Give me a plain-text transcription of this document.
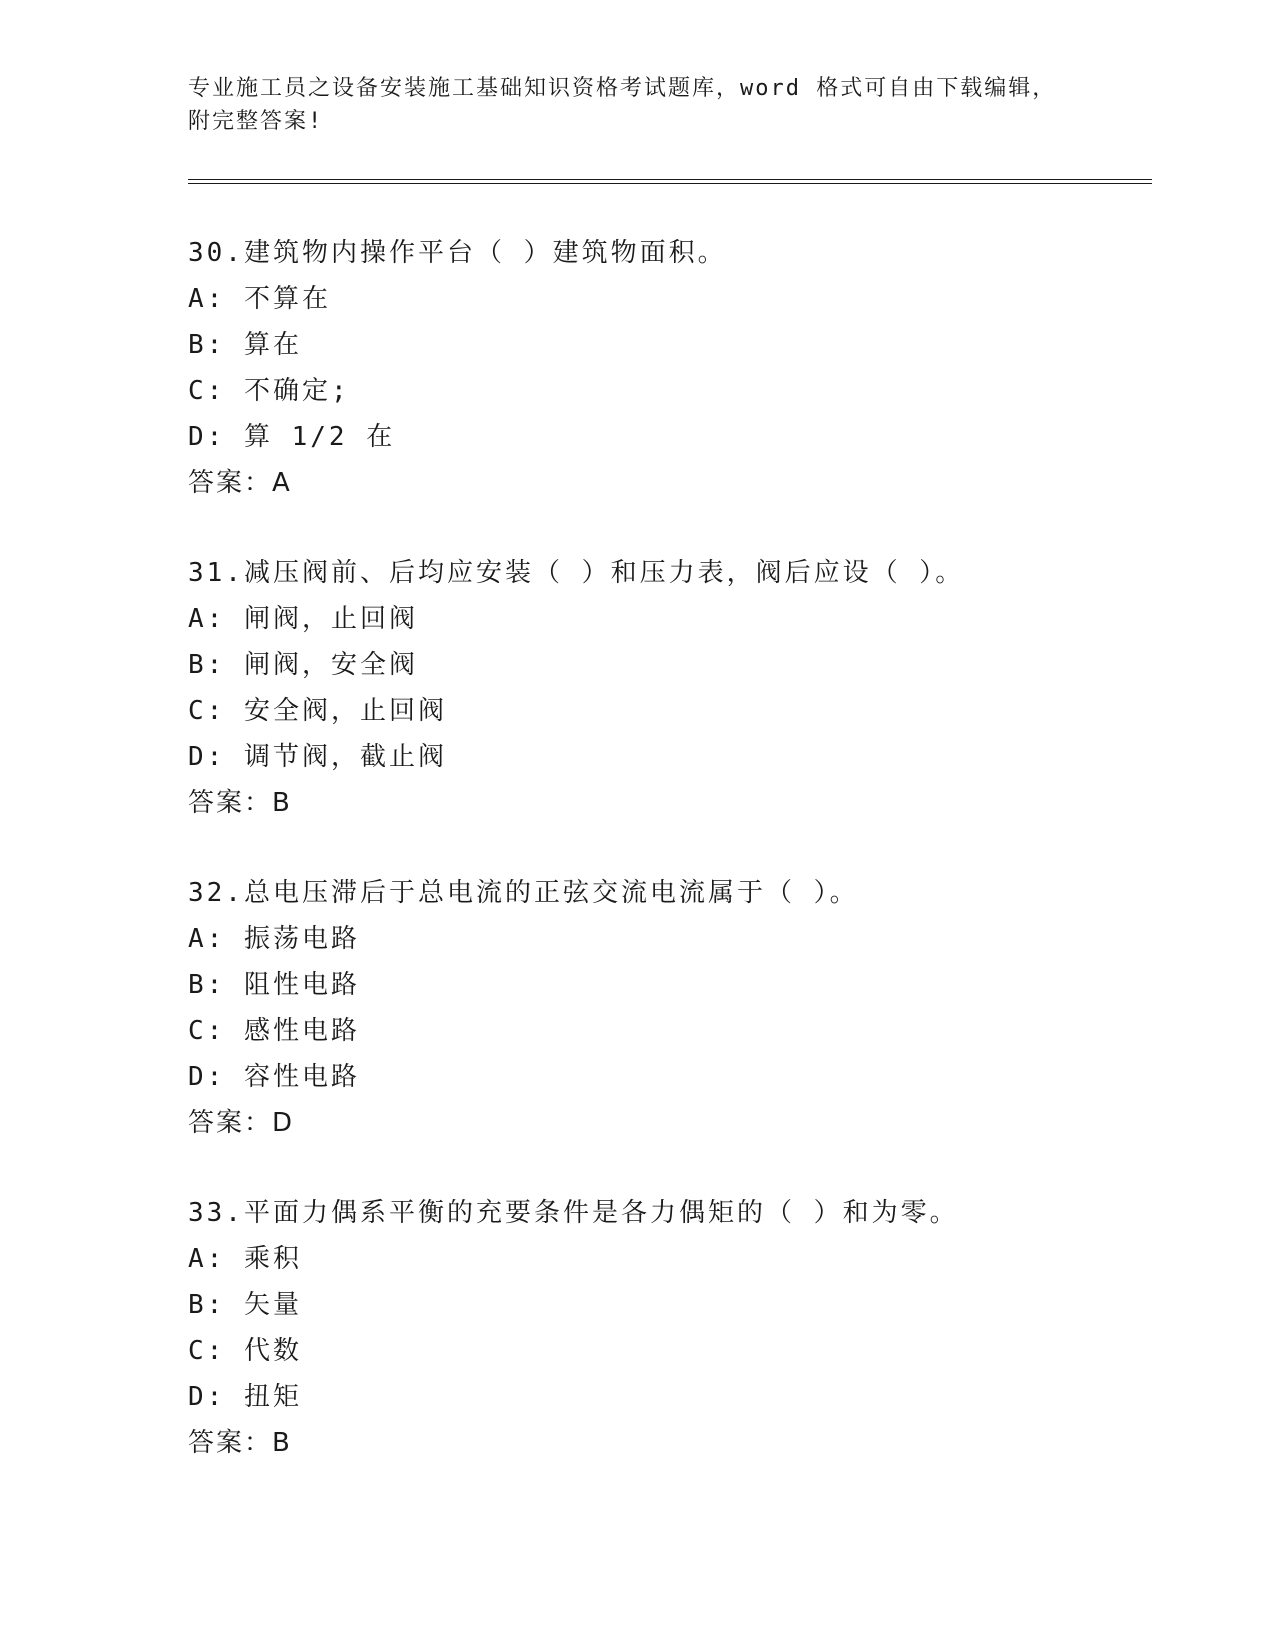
专业施工员之设备安装施工基础知识资格考试题库，word 格式可自由下载编辑，
附完整答案!
30.建筑物内操作平台（ ）建筑物面积。
A: 不算在
B: 算在
C: 不确定;
D: 算 1/2 在
答案：A
31.减压阀前、后均应安装（ ）和压力表，阀后应设（ ）。
A: 闸阀，止回阀
B: 闸阀，安全阀
C: 安全阀，止回阀
D: 调节阀，截止阀
答案：B
32.总电压滞后于总电流的正弦交流电流属于（ ）。
A: 振荡电路
B: 阻性电路
C: 感性电路
D: 容性电路
答案：D
33.平面力偶系平衡的充要条件是各力偶矩的（ ）和为零。
A: 乘积
B: 矢量
C: 代数
D: 扭矩
答案：B
